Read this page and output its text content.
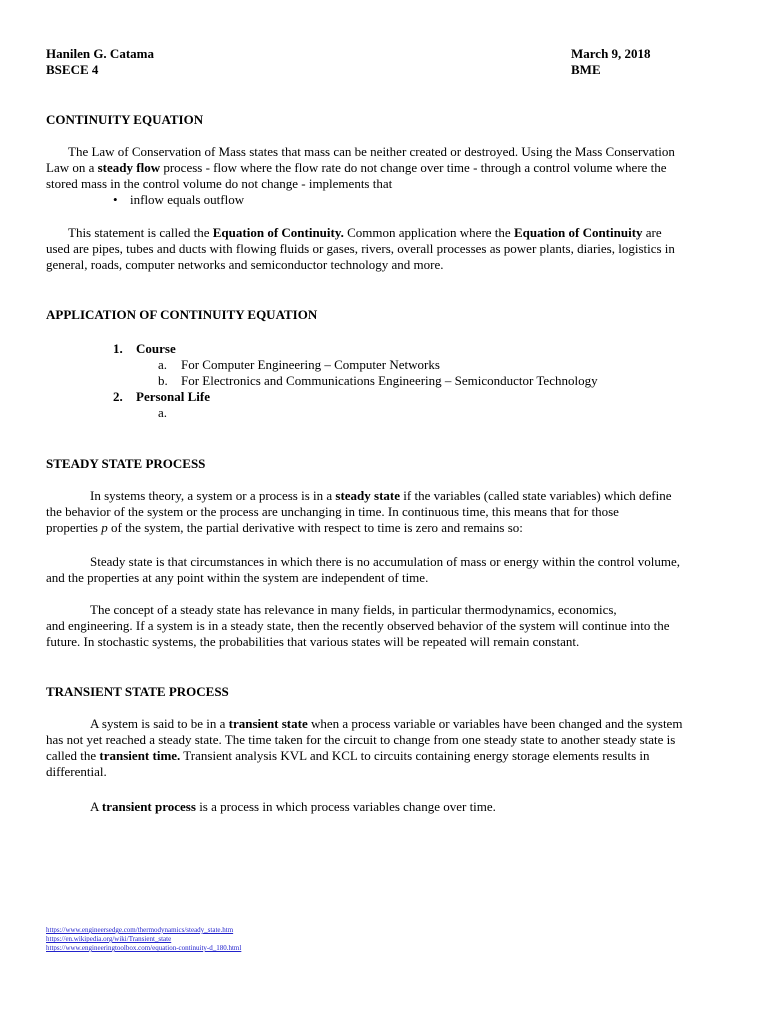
Hanilen G. Catama
BSECE 4
March 9, 2018
BME
CONTINUITY EQUATION
The Law of Conservation of Mass states that mass can be neither created or destroyed. Using the Mass Conservation
Law on a steady flow process - flow where the flow rate do not change over time - through a control volume where the
stored mass in the control volume do not change - implements that
• inflow equals outflow
This statement is called the Equation of Continuity. Common application where the Equation of Continuity are
used are pipes, tubes and ducts with flowing fluids or gases, rivers, overall processes as power plants, diaries, logistics in
general, roads, computer networks and semiconductor technology and more.
APPLICATION OF CONTINUITY EQUATION
1. Course
a. For Computer Engineering – Computer Networks
b. For Electronics and Communications Engineering – Semiconductor Technology
2. Personal Life
a.
STEADY STATE PROCESS
In systems theory, a system or a process is in a steady state if the variables (called state variables) which define
the behavior of the system or the process are unchanging in time. In continuous time, this means that for those
properties p of the system, the partial derivative with respect to time is zero and remains so:
Steady state is that circumstances in which there is no accumulation of mass or energy within the control volume,
and the properties at any point within the system are independent of time.
The concept of a steady state has relevance in many fields, in particular thermodynamics, economics,
and engineering. If a system is in a steady state, then the recently observed behavior of the system will continue into the
future. In stochastic systems, the probabilities that various states will be repeated will remain constant.
TRANSIENT STATE PROCESS
A system is said to be in a transient state when a process variable or variables have been changed and the system
has not yet reached a steady state. The time taken for the circuit to change from one steady state to another steady state is
called the transient time. Transient analysis KVL and KCL to circuits containing energy storage elements results in
differential.
A transient process is a process in which process variables change over time.
https://www.engineersedge.com/thermodynamics/steady_state.htm
https://en.wikipedia.org/wiki/Transient_state
https://www.engineeringtoolbox.com/equation-continuity-d_180.html
